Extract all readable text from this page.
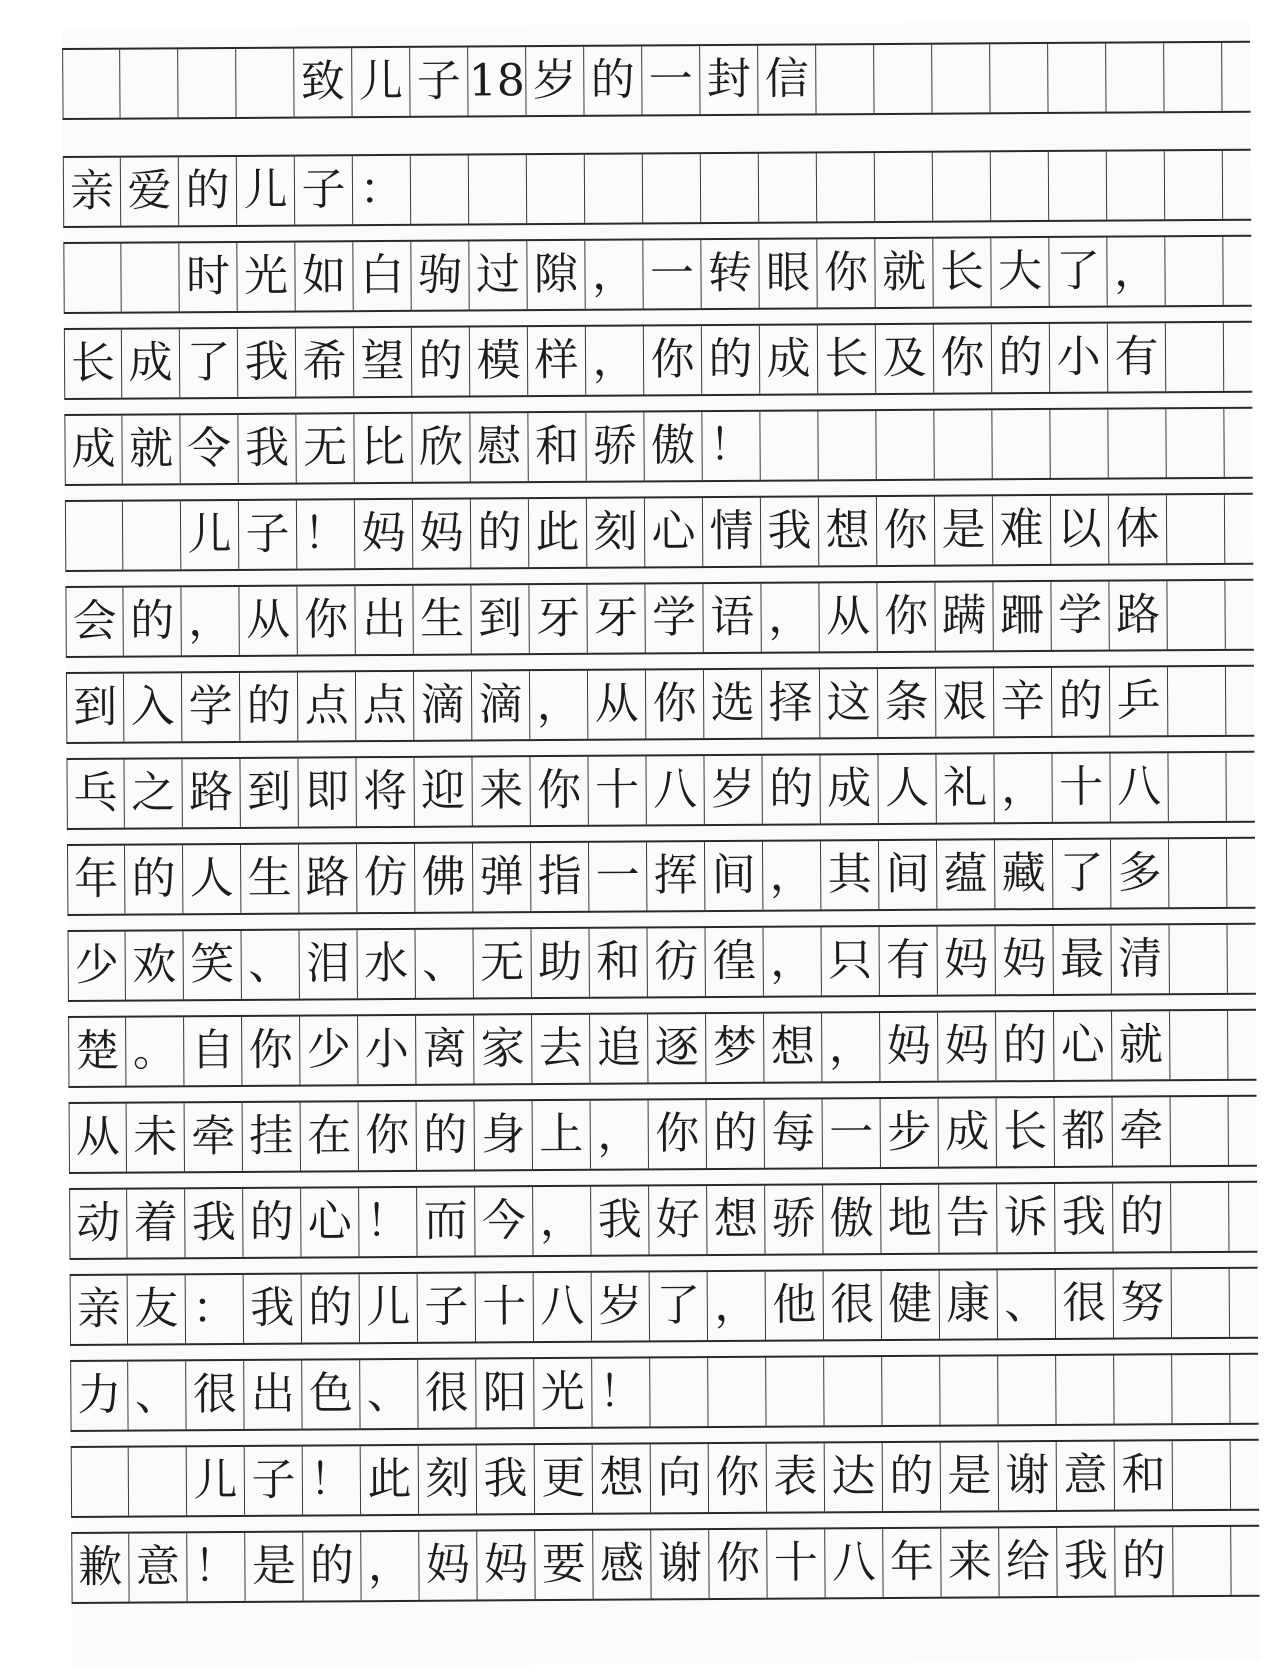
致 儿 子 18 岁 的 一 封 信
亲 爱 的 儿 子 ：
时 光 如 白 驹 过 隙 ， 一 转 眼 你 就 长 大 了 ，
长 成 了 我 希 望 的 模 样 ， 你 的 成 长 及 你 的 小 有
成 就 令 我 无 比 欣 慰 和 骄 傲 ！
儿 子 ！ 妈 妈 的 此 刻 心 情 我 想 你 是 难 以 体
会 的 ， 从 你 出 生 到 牙 牙 学 语 ， 从 你 蹒 跚 学 路
到 入 学 的 点 点 滴 滴 ， 从 你 选 择 这 条 艰 辛 的 乒
乓 之 路 到 即 将 迎 来 你 十 八 岁 的 成 人 礼 ， 十 八
年 的 人 生 路 仿 佛 弹 指 一 挥 间 ， 其 间 蕴 藏 了 多
少 欢 笑 、 泪 水 、 无 助 和 彷 徨 ， 只 有 妈 妈 最 清
楚 。 自 你 少 小 离 家 去 追 逐 梦 想 ， 妈 妈 的 心 就
从 未 牵 挂 在 你 的 身 上 ， 你 的 每 一 步 成 长 都 牵
动 着 我 的 心 ！ 而 今 ， 我 好 想 骄 傲 地 告 诉 我 的
亲 友 ： 我 的 儿 子 十 八 岁 了 ， 他 很 健 康 、 很 努
力 、 很 出 色 、 很 阳 光 ！
儿 子 ！ 此 刻 我 更 想 向 你 表 达 的 是 谢 意 和
歉 意 ！ 是 的 ， 妈 妈 要 感 谢 你 十 八 年 来 给 我 的
